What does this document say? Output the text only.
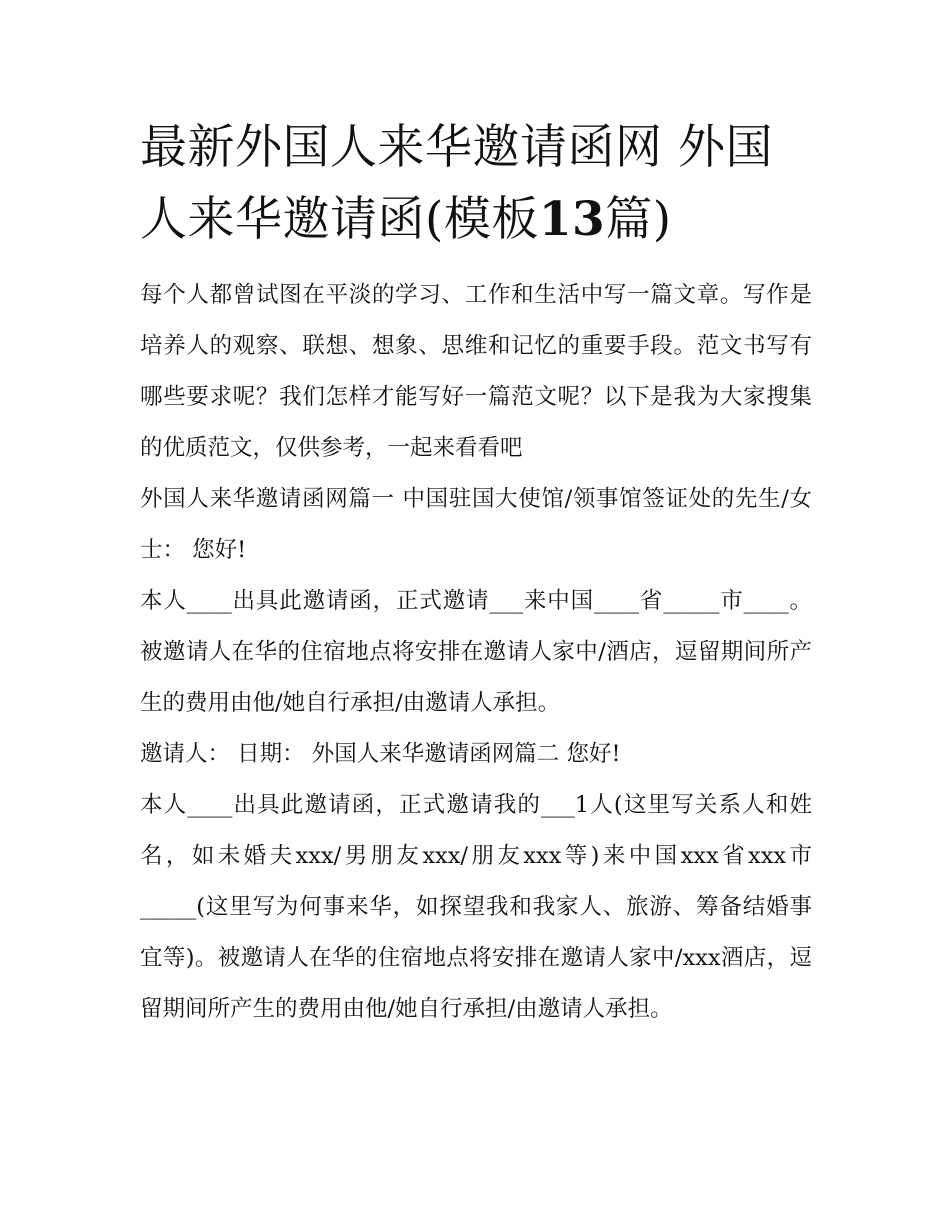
最新外国人来华邀请函网 外国人来华邀请函(模板13篇)

每个人都曾试图在平淡的学习、工作和生活中写一篇文章。写作是培养人的观察、联想、想象、思维和记忆的重要手段。范文书写有哪些要求呢？我们怎样才能写好一篇范文呢？以下是我为大家搜集的优质范文，仅供参考，一起来看看吧

外国人来华邀请函网篇一 中国驻国大使馆/领事馆签证处的先生/女士： 您好!

本人____出具此邀请函，正式邀请___来中国____省_____市____。被邀请人在华的住宿地点将安排在邀请人家中/酒店，逗留期间所产生的费用由他/她自行承担/由邀请人承担。

邀请人： 日期： 外国人来华邀请函网篇二 您好!

本人____出具此邀请函，正式邀请我的___1人(这里写关系人和姓名，如未婚夫xxx/男朋友xxx/朋友xxx等)来中国xxx省xxx市_____(这里写为何事来华，如探望我和我家人、旅游、筹备结婚事宜等)。被邀请人在华的住宿地点将安排在邀请人家中/xxx酒店，逗留期间所产生的费用由他/她自行承担/由邀请人承担。
